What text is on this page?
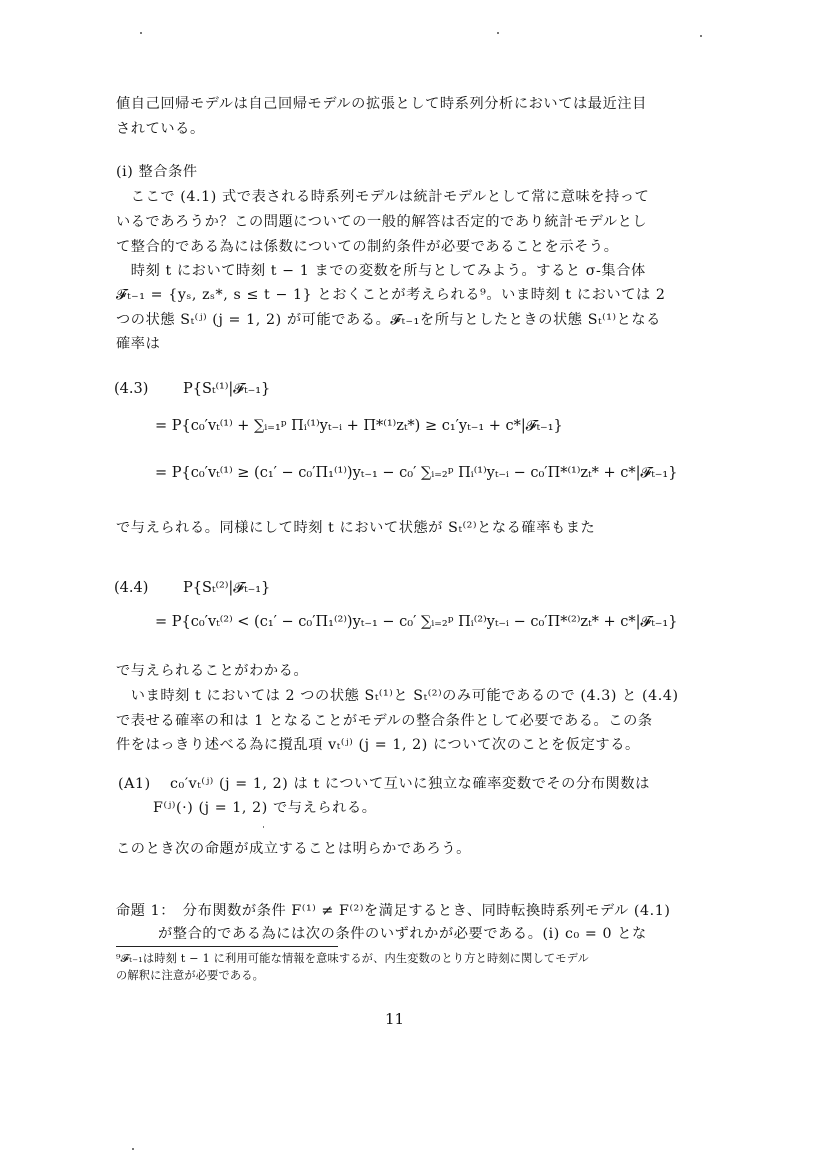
値自己回帰モデルは自己回帰モデルの拡張として時系列分析においては最近注目
されている。
(i) 整合条件
　ここで (4.1) 式で表される時系列モデルは統計モデルとして常に意味を持って
いるであろうか？この問題についての一般的解答は否定的であり統計モデルとし
て整合的である為には係数についての制約条件が必要であることを示そう。
　時刻 t において時刻 t − 1 までの変数を所与としてみよう。すると σ-集合体
𝓕ₜ₋₁ = {yₛ, zₛ*, s ≤ t − 1} とおくことが考えられる⁹。いま時刻 t においては 2
つの状態 Sₜ⁽ʲ⁾ (j = 1, 2) が可能である。𝓕ₜ₋₁を所与としたときの状態 Sₜ⁽¹⁾となる
確率は
(4.3) P{Sₜ⁽¹⁾|𝓕ₜ₋₁}
= P{c₀′vₜ⁽¹⁾ + ∑ᵢ₌₁ᵖ Πᵢ⁽¹⁾yₜ₋ᵢ + Π*⁽¹⁾zₜ*) ≥ c₁′yₜ₋₁ + c*|𝓕ₜ₋₁}
= P{c₀′vₜ⁽¹⁾ ≥ (c₁′ − c₀′Π₁⁽¹⁾)yₜ₋₁ − c₀′ ∑ᵢ₌₂ᵖ Πᵢ⁽¹⁾yₜ₋ᵢ − c₀′Π*⁽¹⁾zₜ* + c*|𝓕ₜ₋₁}
で与えられる。同様にして時刻 t において状態が Sₜ⁽²⁾となる確率もまた
(4.4) P{Sₜ⁽²⁾|𝓕ₜ₋₁}
= P{c₀′vₜ⁽²⁾ < (c₁′ − c₀′Π₁⁽²⁾)yₜ₋₁ − c₀′ ∑ᵢ₌₂ᵖ Πᵢ⁽²⁾yₜ₋ᵢ − c₀′Π*⁽²⁾zₜ* + c*|𝓕ₜ₋₁}
で与えられることがわかる。
　いま時刻 t においては 2 つの状態 Sₜ⁽¹⁾と Sₜ⁽²⁾のみ可能であるので (4.3) と (4.4)
で表せる確率の和は 1 となることがモデルの整合条件として必要である。この条
件をはっきり述べる為に撹乱項 vₜ⁽ʲ⁾ (j = 1, 2) について次のことを仮定する。
(A1) c₀′vₜ⁽ʲ⁾ (j = 1, 2) は t について互いに独立な確率変数でその分布関数は
F⁽ʲ⁾(·) (j = 1, 2) で与えられる。
このとき次の命題が成立することは明らかであろう。
命題 1：　分布関数が条件 F⁽¹⁾ ≠ F⁽²⁾を満足するとき、同時転換時系列モデル (4.1)
が整合的である為には次の条件のいずれかが必要である。(i) c₀ = 0 とな
⁹𝓕ₜ₋₁は時刻 t − 1 に利用可能な情報を意味するが、内生変数のとり方と時刻に関してモデル
の解釈に注意が必要である。
11
